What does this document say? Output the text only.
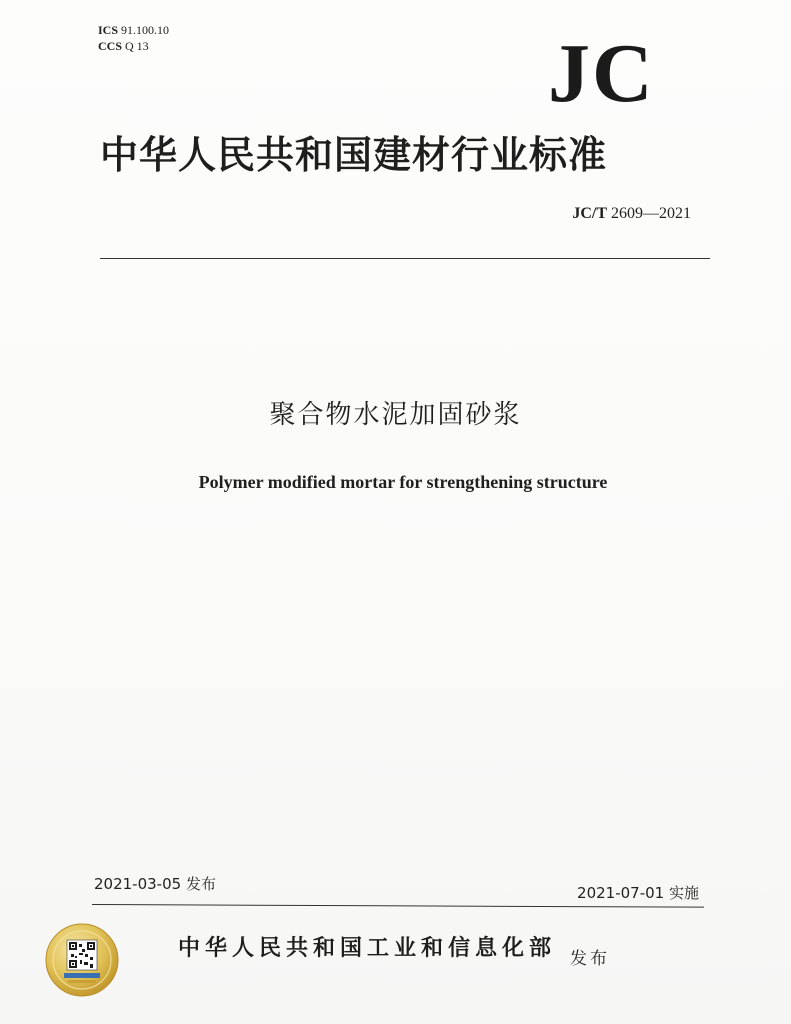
ICS 91.100.10
CCS Q 13	JC
中华人民共和国建材行业标准
JC/T 2609—2021
聚合物水泥加固砂浆
Polymer modified mortar for strengthening structure
2021-03-05 发布	2021-07-01 实施
中华人民共和国工业和信息化部 发布
